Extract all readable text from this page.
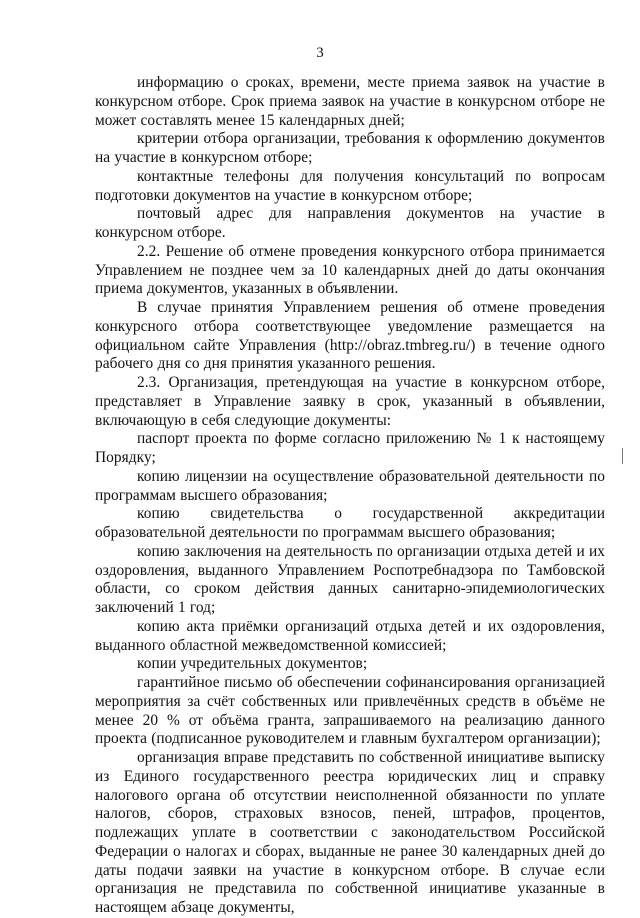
3

информацию о сроках, времени, месте приема заявок на участие в конкурсном отборе. Срок приема заявок на участие в конкурсном отборе не может составлять менее 15 календарных дней;

критерии отбора организации, требования к оформлению документов на участие в конкурсном отборе;

контактные телефоны для получения консультаций по вопросам подготовки документов на участие в конкурсном отборе;

почтовый адрес для направления документов на участие в конкурсном отборе.

2.2. Решение об отмене проведения конкурсного отбора принимается Управлением не позднее чем за 10 календарных дней до даты окончания приема документов, указанных в объявлении.

В случае принятия Управлением решения об отмене проведения конкурсного отбора соответствующее уведомление размещается на официальном сайте Управления (http://obraz.tmbreg.ru/) в течение одного рабочего дня со дня принятия указанного решения.

2.3. Организация, претендующая на участие в конкурсном отборе, представляет в Управление заявку в срок, указанный в объявлении, включающую в себя следующие документы:

паспорт проекта по форме согласно приложению № 1 к настоящему Порядку;

копию лицензии на осуществление образовательной деятельности по программам высшего образования;

копию свидетельства о государственной аккредитации образовательной деятельности по программам высшего образования;

копию заключения на деятельность по организации отдыха детей и их оздоровления, выданного Управлением Роспотребнадзора по Тамбовской области, со сроком действия данных санитарно-эпидемиологических заключений 1 год;

копию акта приёмки организаций отдыха детей и их оздоровления, выданного областной межведомственной комиссией;

копии учредительных документов;

гарантийное письмо об обеспечении софинансирования организацией мероприятия за счёт собственных или привлечённых средств в объёме не менее 20 % от объёма гранта, запрашиваемого на реализацию данного проекта (подписанное руководителем и главным бухгалтером организации);

организация вправе представить по собственной инициативе выписку из Единого государственного реестра юридических лиц и справку налогового органа об отсутствии неисполненной обязанности по уплате налогов, сборов, страховых взносов, пеней, штрафов, процентов, подлежащих уплате в соответствии с законодательством Российской Федерации о налогах и сборах, выданные не ранее 30 календарных дней до даты подачи заявки на участие в конкурсном отборе. В случае если организация не представила по собственной инициативе указанные в настоящем абзаце документы,
